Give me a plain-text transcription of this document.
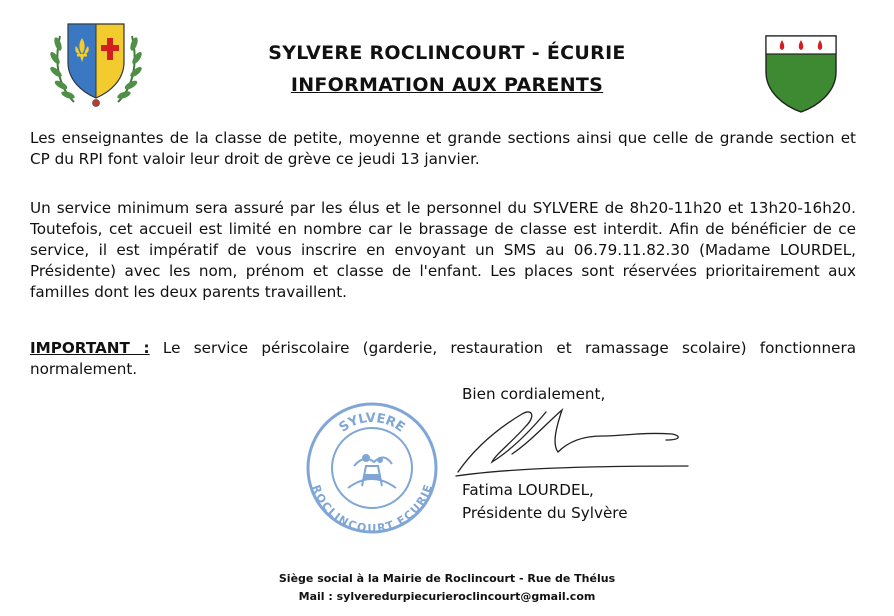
SYLVERE ROCLINCOURT - ÉCURIE
INFORMATION AUX PARENTS

Les enseignantes de la classe de petite, moyenne et grande sections ainsi que celle de grande section et CP du RPI font valoir leur droit de grève ce jeudi 13 janvier.

Un service minimum sera assuré par les élus et le personnel du SYLVERE de 8h20-11h20 et 13h20-16h20. Toutefois, cet accueil est limité en nombre car le brassage de classe est interdit. Afin de bénéficier de ce service, il est impératif de vous inscrire en envoyant un SMS au 06.79.11.82.30 (Madame LOURDEL, Présidente) avec les nom, prénom et classe de l'enfant. Les places sont réservées prioritairement aux familles dont les deux parents travaillent.

IMPORTANT : Le service périscolaire (garderie, restauration et ramassage scolaire) fonctionnera normalement.

SYLVERE
ROCLINCOURT ECURIE
Bien cordialement,
Fatima LOURDEL,
Présidente du Sylvère
Siège social à la Mairie de Roclincourt - Rue de Thélus
Mail : sylveredurpiecurieroclincourt@gmail.com
